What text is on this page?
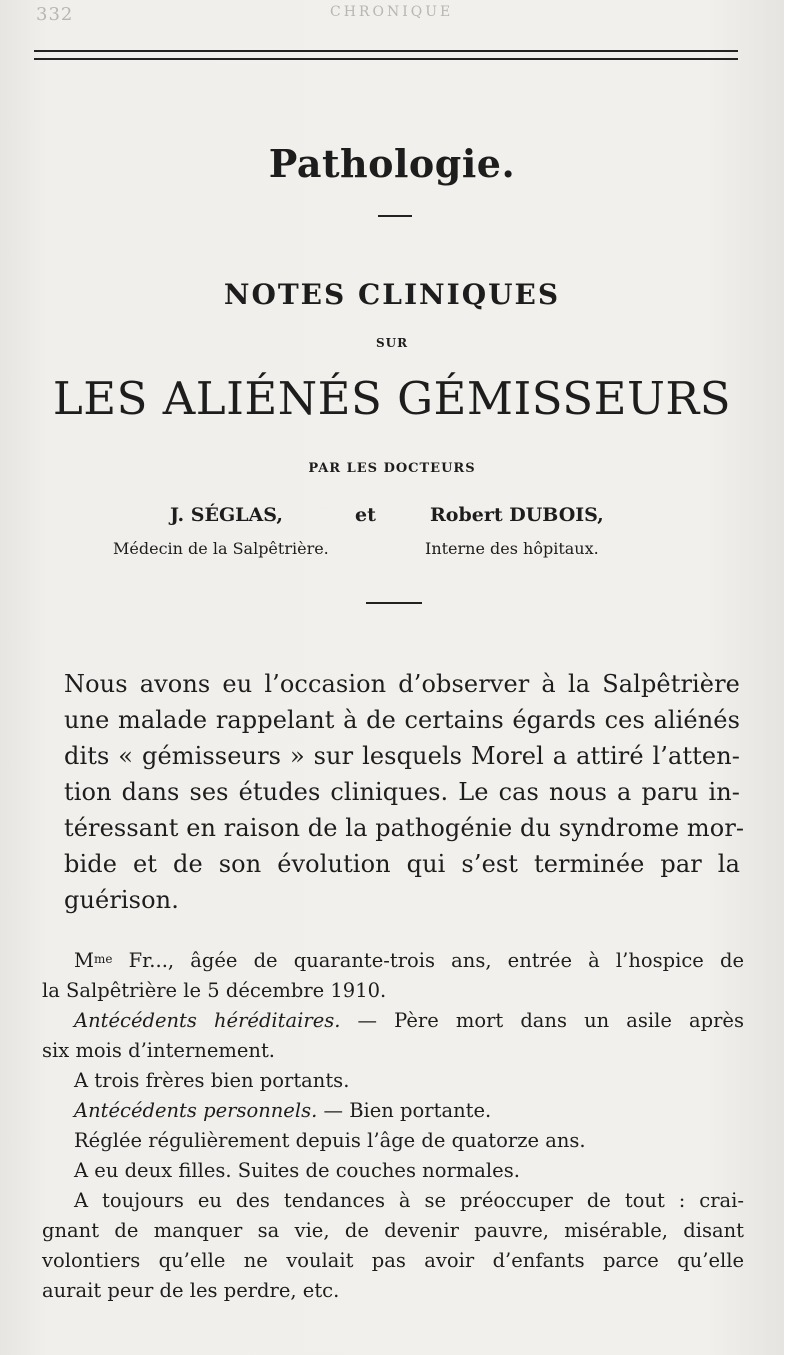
332	CHRONIQUE
Pathologie.
NOTES CLINIQUES
SUR
LES ALIÉNÉS GÉMISSEURS
PAR LES DOCTEURS
J. SÉGLAS,	et	Robert DUBOIS,
Médecin de la Salpêtrière.	Interne des hôpitaux.
Nous avons eu l’occasion d’observer à la Salpêtrière
une malade rappelant à de certains égards ces aliénés
dits « gémisseurs » sur lesquels Morel a attiré l’atten-
tion dans ses études cliniques. Le cas nous a paru in-
téressant en raison de la pathogénie du syndrome mor-
bide et de son évolution qui s’est terminée par la
guérison.
$M^{me}$ Fr..., âgée de quarante-trois ans, entrée à l’hospice de
la Salpêtrière le 5 décembre 1910.
Antécédents héréditaires. — Père mort dans un asile après
six mois d’internement.
A trois frères bien portants.
Antécédents personnels. — Bien portante.
Réglée régulièrement depuis l’âge de quatorze ans.
A eu deux filles. Suites de couches normales.
A toujours eu des tendances à se préoccuper de tout : crai-
gnant de manquer sa vie, de devenir pauvre, misérable, disant
volontiers qu’elle ne voulait pas avoir d’enfants parce qu’elle
aurait peur de les perdre, etc.
